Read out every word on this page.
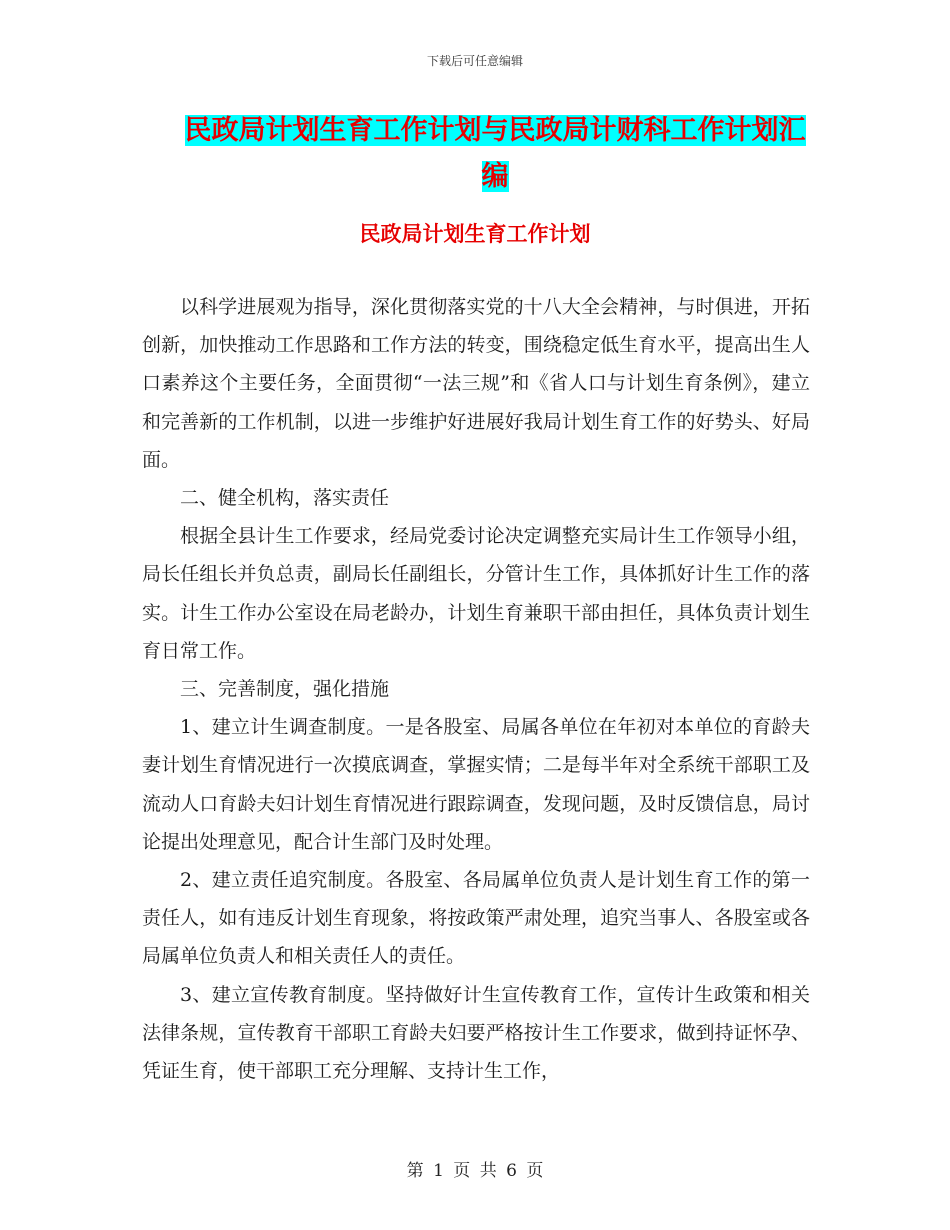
下载后可任意编辑
民政局计划生育工作计划与民政局计财科工作计划汇编
民政局计划生育工作计划

以科学进展观为指导，深化贯彻落实党的十八大全会精神，与时俱进，开拓创新，加快推动工作思路和工作方法的转变，围绕稳定低生育水平，提高出生人口素养这个主要任务，全面贯彻“一法三规”和《省人口与计划生育条例》，建立和完善新的工作机制，以进一步维护好进展好我局计划生育工作的好势头、好局面。

二、健全机构，落实责任

根据全县计生工作要求，经局党委讨论决定调整充实局计生工作领导小组，局长任组长并负总责，副局长任副组长，分管计生工作，具体抓好计生工作的落实。计生工作办公室设在局老龄办，计划生育兼职干部由担任，具体负责计划生育日常工作。

三、完善制度，强化措施

1、建立计生调查制度。一是各股室、局属各单位在年初对本单位的育龄夫妻计划生育情况进行一次摸底调查，掌握实情；二是每半年对全系统干部职工及流动人口育龄夫妇计划生育情况进行跟踪调查，发现问题，及时反馈信息，局讨论提出处理意见，配合计生部门及时处理。

2、建立责任追究制度。各股室、各局属单位负责人是计划生育工作的第一责任人，如有违反计划生育现象，将按政策严肃处理，追究当事人、各股室或各局属单位负责人和相关责任人的责任。

3、建立宣传教育制度。坚持做好计生宣传教育工作，宣传计生政策和相关法律条规，宣传教育干部职工育龄夫妇要严格按计生工作要求，做到持证怀孕、凭证生育，使干部职工充分理解、支持计生工作，

第 1 页 共 6 页
